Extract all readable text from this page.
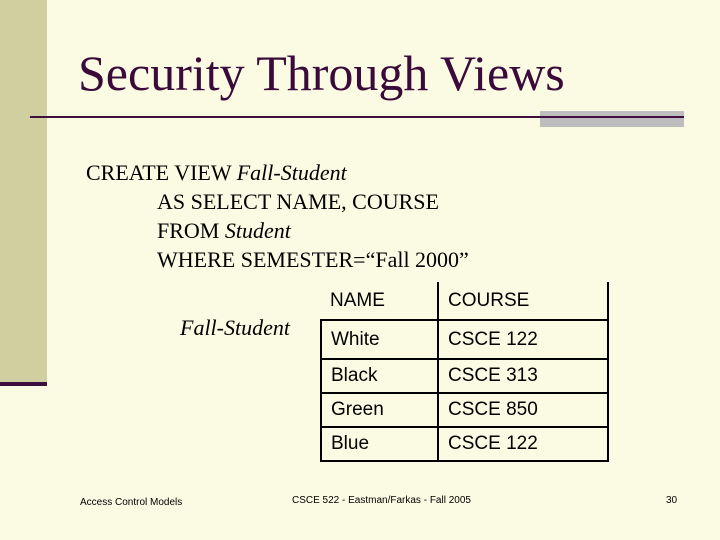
Security Through Views
CREATE VIEW Fall-Student
AS SELECT NAME, COURSE
FROM Student
WHERE SEMESTER=“Fall 2000”
Fall-Student
NAME	COURSE
White	CSCE 122
Black	CSCE 313
Green	CSCE 850
Blue	CSCE 122
Access Control Models	CSCE 522 - Eastman/Farkas - Fall 2005	30
